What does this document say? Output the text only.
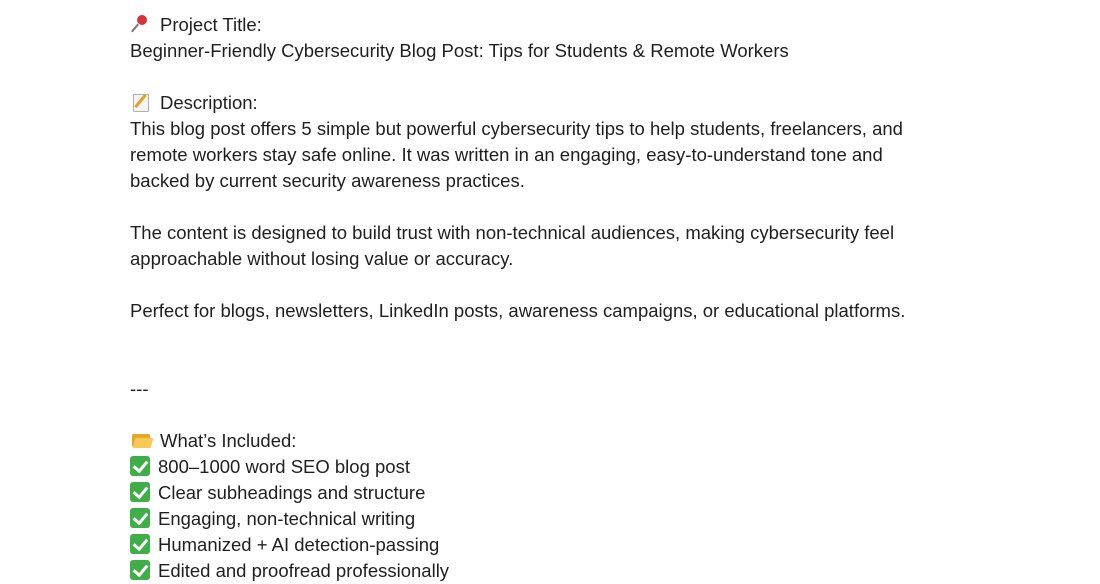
Project Title:
Beginner-Friendly Cybersecurity Blog Post: Tips for Students & Remote Workers
Description:
This blog post offers 5 simple but powerful cybersecurity tips to help students, freelancers, and
remote workers stay safe online. It was written in an engaging, easy-to-understand tone and
backed by current security awareness practices.
The content is designed to build trust with non-technical audiences, making cybersecurity feel
approachable without losing value or accuracy.
Perfect for blogs, newsletters, LinkedIn posts, awareness campaigns, or educational platforms.
---
What’s Included:
800–1000 word SEO blog post
Clear subheadings and structure
Engaging, non-technical writing
Humanized + AI detection-passing
Edited and proofread professionally
